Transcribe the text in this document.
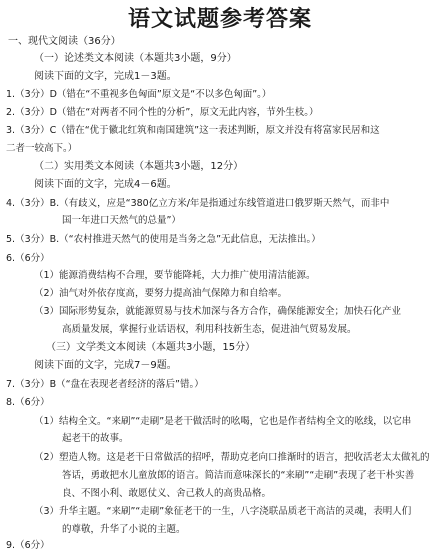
语文试题参考答案
一、现代文阅读（36分）
（一）论述类文本阅读（本题共3小题，9分）
阅读下面的文字，完成1－3题。
1.（3分）D（错在“不重视多色匈面”原文是“不以多色匈面”。）
2.（3分）D（错在“对两者不同个性的分析”，原文无此内容，节外生枝。）
3.（3分）C（错在“优于徽北红筑和南国建筑”这一表述判断，原文并没有将富家民居和这
二者一较高下。）
（二）实用类文本阅读（本题共3小题，12分）
阅读下面的文字，完成4－6题。
4.（3分）B.（有歧义，应是“380亿立方米/年是指通过东线管道进口俄罗斯天然气，而非中
国一年进口天然气的总量”）
5.（3分）B.（“农村推进天然气的使用是当务之急”无此信息，无法推出。）
6.（6分）
（1）能源消费结构不合理，要节能降耗，大力推广使用清洁能源。
（2）油气对外依存度高，要努力提高油气保障力和自给率。
（3）国际形势复杂，就能源贸易与技术加深与各方合作，确保能源安全；加快石化产业
高质量发展，掌握行业话语权，利用科技新生态，促进油气贸易发展。
（三）文学类文本阅读（本题共3小题，15分）
阅读下面的文字，完成7－9题。
7.（3分）B（“盘在表现老者经济的落后”错。）
8.（6分）
（1）结构全文。“来刷”“走刷”是老干做活时的吆喝，它也是作者结构全文的吆线，以它串
起老干的故事。
（2）塑造人物。这是老干日常做活的招呼，帮助克老向口推渐时的语言，把收活老太太做礼的
答话，勇敢把水儿童放郎的语言。简洁而意味深长的“来刷”“走刷”表现了老干朴实善
良、不图小利、敢愿仗义、舍己救人的高贵品格。
（3）升华主题。“来刷”“走刷”象征老干的一生，八字浇联品质老干高洁的灵魂，表明人们
的尊敬，升华了小说的主题。
9.（6分）
